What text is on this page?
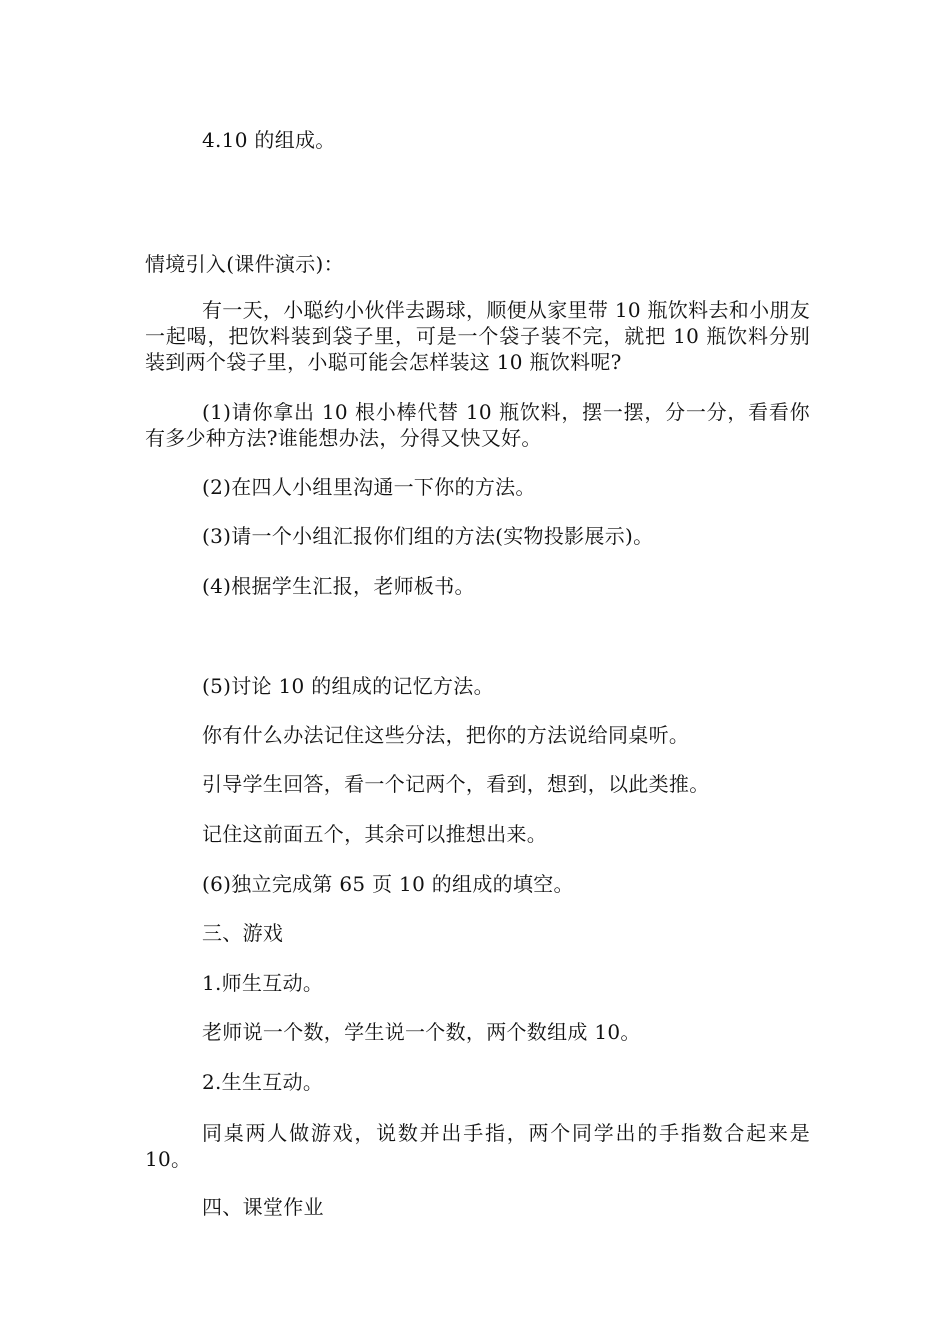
4.10 的组成。
情境引入(课件演示)：
有一天，小聪约小伙伴去踢球，顺便从家里带 10 瓶饮料去和小朋友一起喝，把饮料装到袋子里，可是一个袋子装不完，就把 10 瓶饮料分别装到两个袋子里，小聪可能会怎样装这 10 瓶饮料呢?
(1)请你拿出 10 根小棒代替 10 瓶饮料，摆一摆，分一分，看看你有多少种方法?谁能想办法，分得又快又好。
(2)在四人小组里沟通一下你的方法。
(3)请一个小组汇报你们组的方法(实物投影展示)。
(4)根据学生汇报，老师板书。
(5)讨论 10 的组成的记忆方法。
你有什么办法记住这些分法，把你的方法说给同桌听。
引导学生回答，看一个记两个，看到，想到，以此类推。
记住这前面五个，其余可以推想出来。
(6)独立完成第 65 页 10 的组成的填空。
三、游戏
1.师生互动。
老师说一个数，学生说一个数，两个数组成 10。
2.生生互动。
同桌两人做游戏，说数并出手指，两个同学出的手指数合起来是 10。
四、课堂作业
